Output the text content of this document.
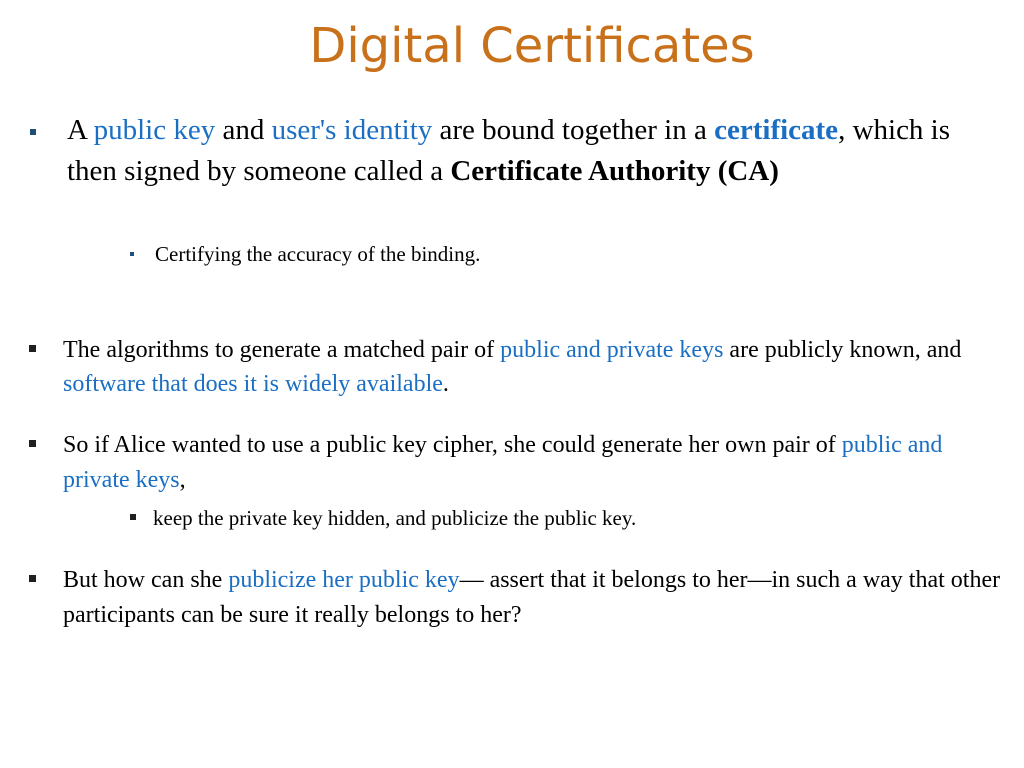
Digital Certificates

A public key and user's identity are bound together in a certificate, which is then signed by someone called a Certificate Authority (CA)

Certifying the accuracy of the binding.

The algorithms to generate a matched pair of public and private keys are publicly known, and software that does it is widely available.

So if Alice wanted to use a public key cipher, she could generate her own pair of public and private keys,

keep the private key hidden, and publicize the public key.

But how can she publicize her public key— assert that it belongs to her—in such a way that other participants can be sure it really belongs to her?
